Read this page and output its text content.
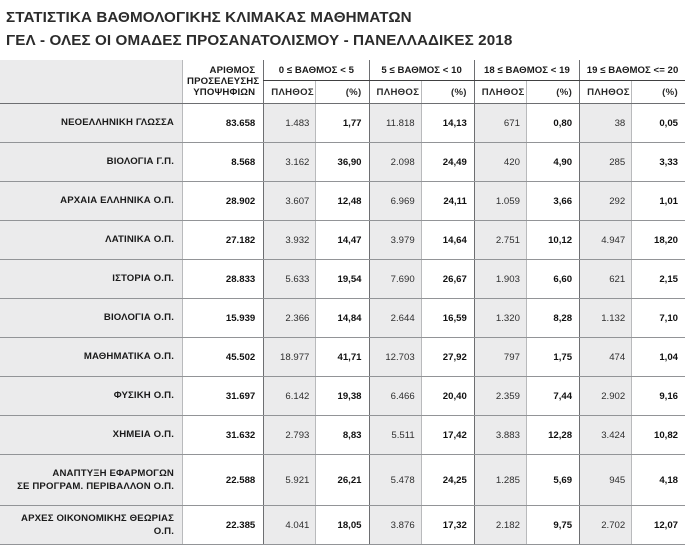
ΣΤΑΤΙΣΤΙΚΑ ΒΑΘΜΟΛΟΓΙΚΗΣ ΚΛΙΜΑΚΑΣ ΜΑΘΗΜΑΤΩΝ
ΓΕΛ - ΟΛΕΣ ΟΙ ΟΜΑΔΕΣ ΠΡΟΣΑΝΑΤΟΛΙΣΜΟΥ - ΠΑΝΕΛΛΑΔΙΚΕΣ 2018

	ΑΡΙΘΜΟΣ
ΠΡΟΣΕΛΕΥΣΗΣ
ΥΠΟΨΗΦΙΩΝ	0 ≤ ΒΑΘΜΟΣ < 5		5 ≤ ΒΑΘΜΟΣ < 10		18 ≤ ΒΑΘΜΟΣ < 19		19 ≤ ΒΑΘΜΟΣ <= 20	
		ΠΛΗΘΟΣ	(%)	ΠΛΗΘΟΣ	(%)	ΠΛΗΘΟΣ	(%)	ΠΛΗΘΟΣ	(%)

ΝΕΟΕΛΛΗΝΙΚΗ ΓΛΩΣΣΑ	83.658	1.483	1,77	11.818	14,13	671	0,80	38	0,05

ΒΙΟΛΟΓΙΑ Γ.Π.	8.568	3.162	36,90	2.098	24,49	420	4,90	285	3,33

ΑΡΧΑΙΑ ΕΛΛΗΝΙΚΑ Ο.Π.	28.902	3.607	12,48	6.969	24,11	1.059	3,66	292	1,01

ΛΑΤΙΝΙΚΑ Ο.Π.	27.182	3.932	14,47	3.979	14,64	2.751	10,12	4.947	18,20

ΙΣΤΟΡΙΑ Ο.Π.	28.833	5.633	19,54	7.690	26,67	1.903	6,60	621	2,15

ΒΙΟΛΟΓΙΑ Ο.Π.	15.939	2.366	14,84	2.644	16,59	1.320	8,28	1.132	7,10

ΜΑΘΗΜΑΤΙΚΑ Ο.Π.	45.502	18.977	41,71	12.703	27,92	797	1,75	474	1,04

ΦΥΣΙΚΗ Ο.Π.	31.697	6.142	19,38	6.466	20,40	2.359	7,44	2.902	9,16

ΧΗΜΕΙΑ Ο.Π.	31.632	2.793	8,83	5.511	17,42	3.883	12,28	3.424	10,82

ΑΝΑΠΤΥΞΗ ΕΦΑΡΜΟΓΩΝ
ΣΕ ΠΡΟΓΡΑΜ. ΠΕΡΙΒΑΛΛΟΝ Ο.Π.	22.588	5.921	26,21	5.478	24,25	1.285	5,69	945	4,18

ΑΡΧΕΣ ΟΙΚΟΝΟΜΙΚΗΣ ΘΕΩΡΙΑΣ Ο.Π.	22.385	4.041	18,05	3.876	17,32	2.182	9,75	2.702	12,07
